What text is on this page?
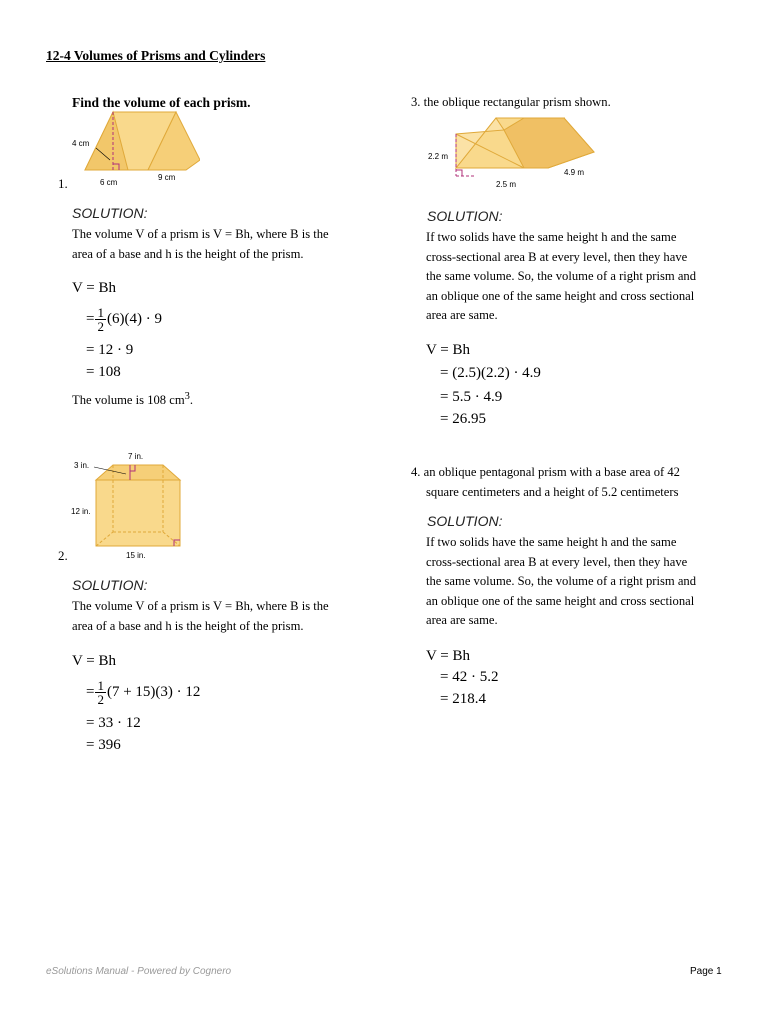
12-4 Volumes of Prisms and Cylinders
Find the volume of each prism.
1.
4 cm
6 cm
9 cm
SOLUTION:
The volume V of a prism is V = Bh, where B is the
area of a base and h is the height of the prism.
V = Bh
= $\frac{1}{2} (6)(4) \cdot 9$
= 12 · 9
= 108
The volume is 108 $cm^3$.
2.
7 in.
3 in.
12 in.
15 in.
SOLUTION:
The volume V of a prism is V = Bh, where B is the
area of a base and h is the height of the prism.
V = Bh
= $\frac{1}{2} (7 + 15)(3) \cdot 12$
= 33 · 12
= 396
3. the oblique rectangular prism shown.
2.2 m
2.5 m
4.9 m
SOLUTION:
If two solids have the same height h and the same
cross-sectional area B at every level, then they have
the same volume. So, the volume of a right prism and
an oblique one of the same height and cross sectional
area are same.
V = Bh
= (2.5)(2.2) · 4.9
= 5.5 · 4.9
= 26.95
4. an oblique pentagonal prism with a base area of 42
square centimeters and a height of 5.2 centimeters
SOLUTION:
If two solids have the same height h and the same
cross-sectional area B at every level, then they have
the same volume. So, the volume of a right prism and
an oblique one of the same height and cross sectional
area are same.
V = Bh
= 42 · 5.2
= 218.4
eSolutions Manual - Powered by Cognero	Page 1
